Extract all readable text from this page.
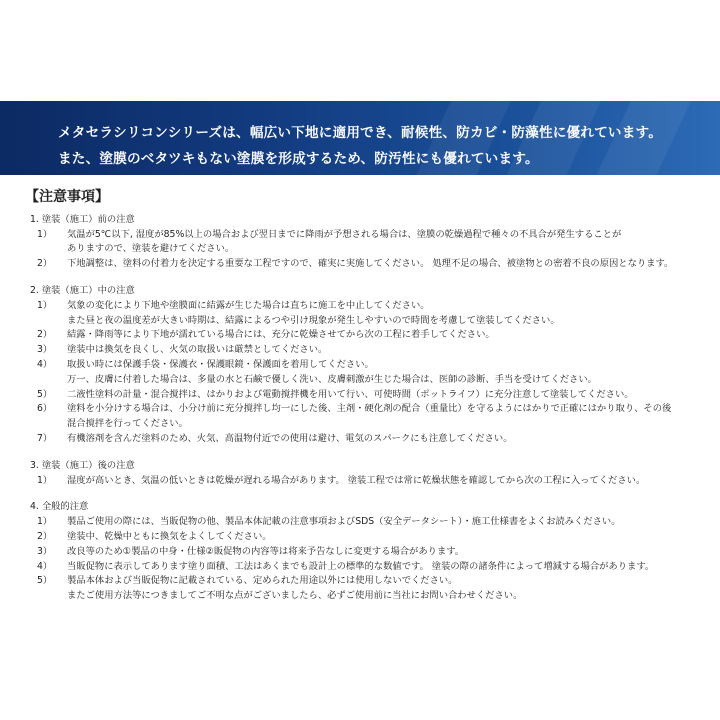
メタセラシリコンシリーズは、幅広い下地に適用でき、耐候性、防カビ・防藻性に優れています。
また、塗膜のベタツキもない塗膜を形成するため、防汚性にも優れています。
【注意事項】
1. 塗装（施工）前の注意
1）	気温が5℃以下, 湿度が85%以上の場合および翌日までに降雨が予想される場合は、塗膜の乾燥過程で種々の不具合が発生することが
ありますので、塗装を避けてください。
2）	下地調整は、塗料の付着力を決定する重要な工程ですので、確実に実施してください。 処理不足の場合、被塗物との密着不良の原因となります。
2. 塗装（施工）中の注意
1）	気象の変化により下地や塗膜面に結露が生じた場合は直ちに施工を中止してください。
また昼と夜の温度差が大きい時期は、結露によるつや引け現象が発生しやすいので時間を考慮して塗装してください。
2）	結露・降雨等により下地が濡れている場合には、充分に乾燥させてから次の工程に着手してください。
3）	塗装中は換気を良くし、火気の取扱いは厳禁としてください。
4）	取扱い時には保護手袋・保護衣・保護眼鏡・保護面を着用してください。
万一、皮膚に付着した場合は、多量の水と石鹸で優しく洗い、皮膚刺激が生じた場合は、医師の診断、手当を受けてください。
5）	二液性塗料の計量・混合撹拌は、はかりおよび電動撹拌機を用いて行い、可使時間（ポットライフ）に充分注意して塗装してください。
6）	塗料を小分けする場合は、小分け前に充分撹拌し均一にした後、主剤・硬化剤の配合（重量比）を守るようにはかりで正確にはかり取り、その後
混合撹拌を行ってください。
7）	有機溶剤を含んだ塗料のため、火気、高温物付近での使用は避け、電気のスパークにも注意してください。
3. 塗装（施工）後の注意
1）	湿度が高いとき、気温の低いときは乾燥が遅れる場合があります。 塗装工程では常に乾燥状態を確認してから次の工程に入ってください。
4. 全般的注意
1）	製品ご使用の際には、当販促物の他、製品本体記載の注意事項およびSDS（安全データシート）・施工仕様書をよくお読みください。
2）	塗装中、乾燥中ともに換気をよくしてください。
3）	改良等のため①製品の中身・仕様②販促物の内容等は将来予告なしに変更する場合があります。
4）	当販促物に表示してあります塗り面積、工法はあくまでも設計上の標準的な数値です。 塗装の際の諸条件によって増減する場合があります。
5）	製品本体および当販促物に記載されている、定められた用途以外には使用しないでください。
またご使用方法等につきましてご不明な点がございましたら、必ずご使用前に当社にお問い合わせください。
